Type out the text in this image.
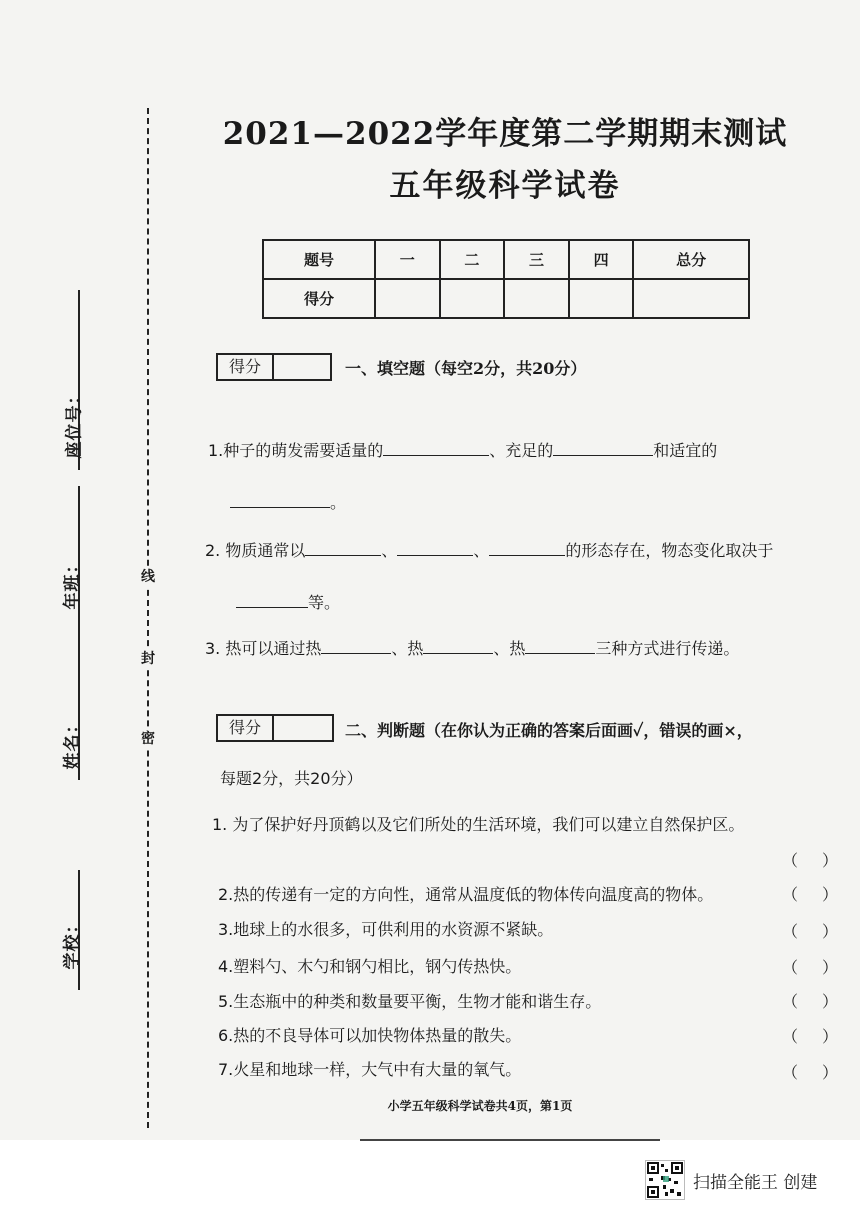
学校：
姓名：
年班：
座位号：
密
封
线
2021—2022学年度第二学期期末测试
五年级科学试卷
题号	一	二	三	四	总分
得分					
得分	一、填空题（每空2分，共20分）
1.种子的萌发需要适量的	、充足的	和适宜的
。
2. 物质通常以	、	、	的形态存在，物态变化取决于
等。
3. 热可以通过热	、热	、热	三种方式进行传递。
得分	二、判断题（在你认为正确的答案后面画✓，错误的画×，
每题2分，共20分）
1. 为了保护好丹顶鹤以及它们所处的生活环境，我们可以建立自然保护区。
（ ）
2.热的传递有一定的方向性，通常从温度低的物体传向温度高的物体。	（ ）
3.地球上的水很多，可供利用的水资源不紧缺。	（ ）
4.塑料勺、木勺和钢勺相比，钢勺传热快。	（ ）
5.生态瓶中的种类和数量要平衡，生物才能和谐生存。	（ ）
6.热的不良导体可以加快物体热量的散失。	（ ）
7.火星和地球一样，大气中有大量的氧气。	（ ）
小学五年级科学试卷共4页，第1页
扫描全能王 创建
